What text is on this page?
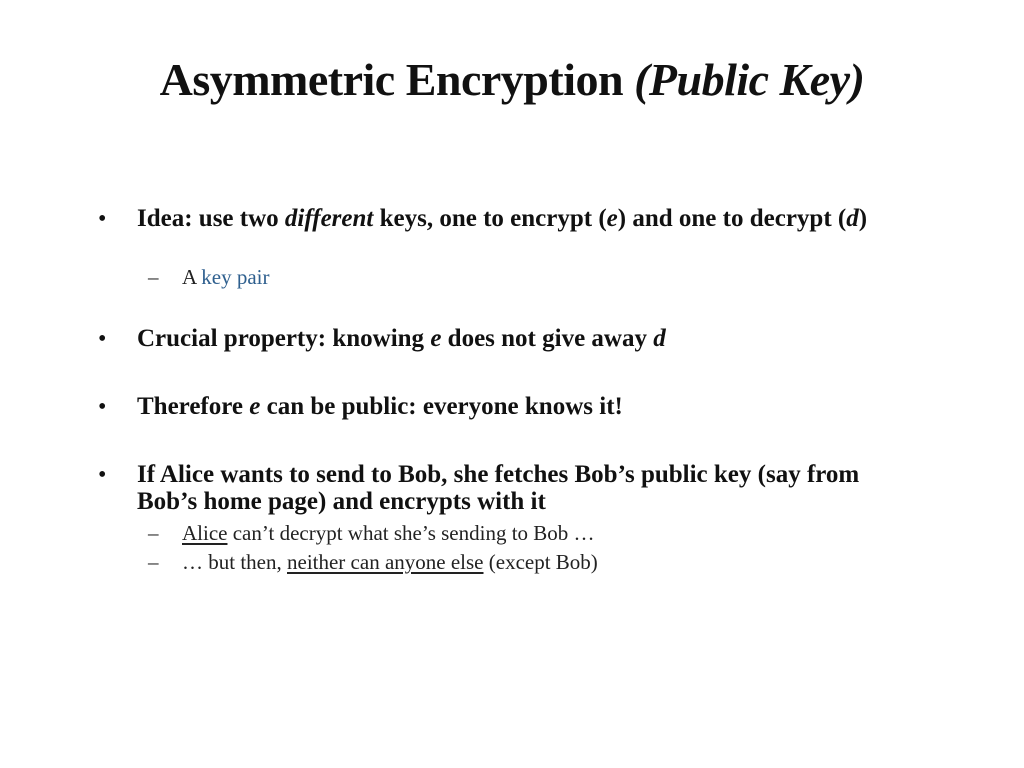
Asymmetric Encryption (Public Key)
• Idea: use two different keys, one to encrypt (e) and one to decrypt (d)
– A key pair
• Crucial property: knowing e does not give away d
• Therefore e can be public: everyone knows it!
• If Alice wants to send to Bob, she fetches Bob’s public key (say from Bob’s home page) and encrypts with it
– Alice can’t decrypt what she’s sending to Bob …
– … but then, neither can anyone else (except Bob)
